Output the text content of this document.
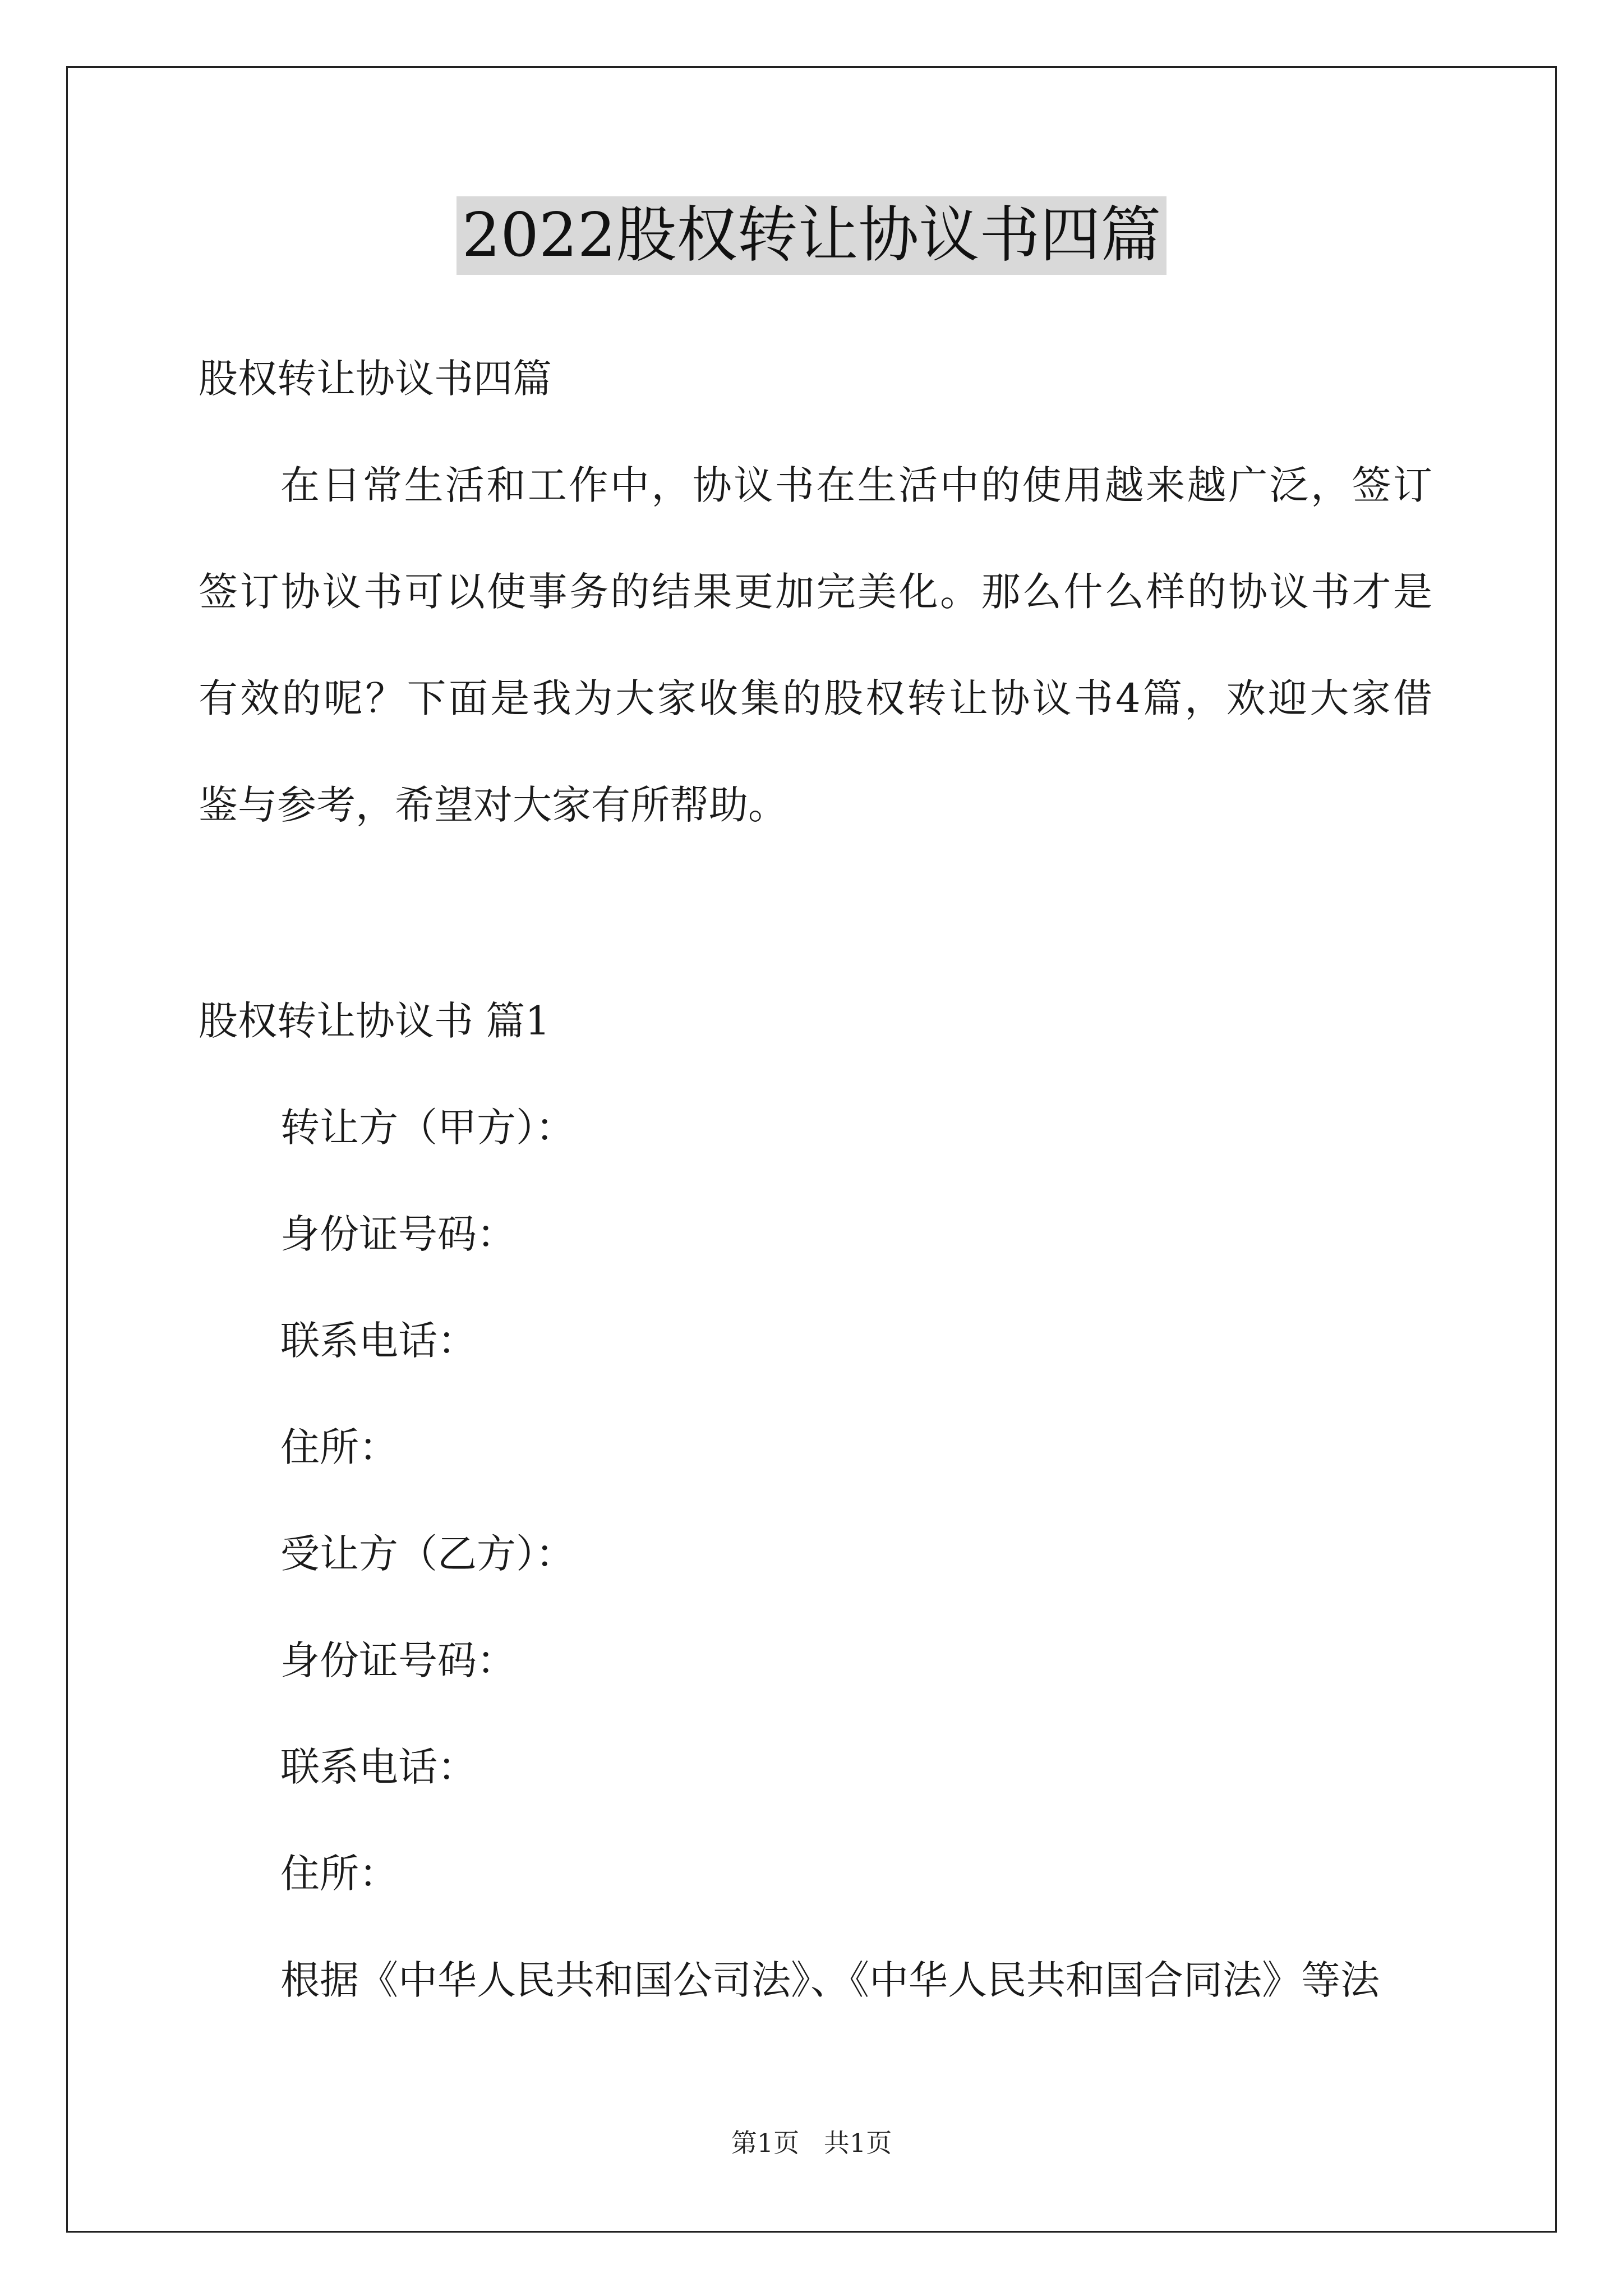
2022股权转让协议书四篇
股权转让协议书四篇
在日常生活和工作中，协议书在生活中的使用越来越广泛，签订
签订协议书可以使事务的结果更加完美化。那么什么样的协议书才是
有效的呢？下面是我为大家收集的股权转让协议书4篇，欢迎大家借
鉴与参考，希望对大家有所帮助。
股权转让协议书 篇1
转让方（甲方）：
身份证号码：
联系电话：
住所：
受让方（乙方）：
身份证号码：
联系电话：
住所：
根据《中华人民共和国公司法》、《中华人民共和国合同法》等法
第1页   共1页
